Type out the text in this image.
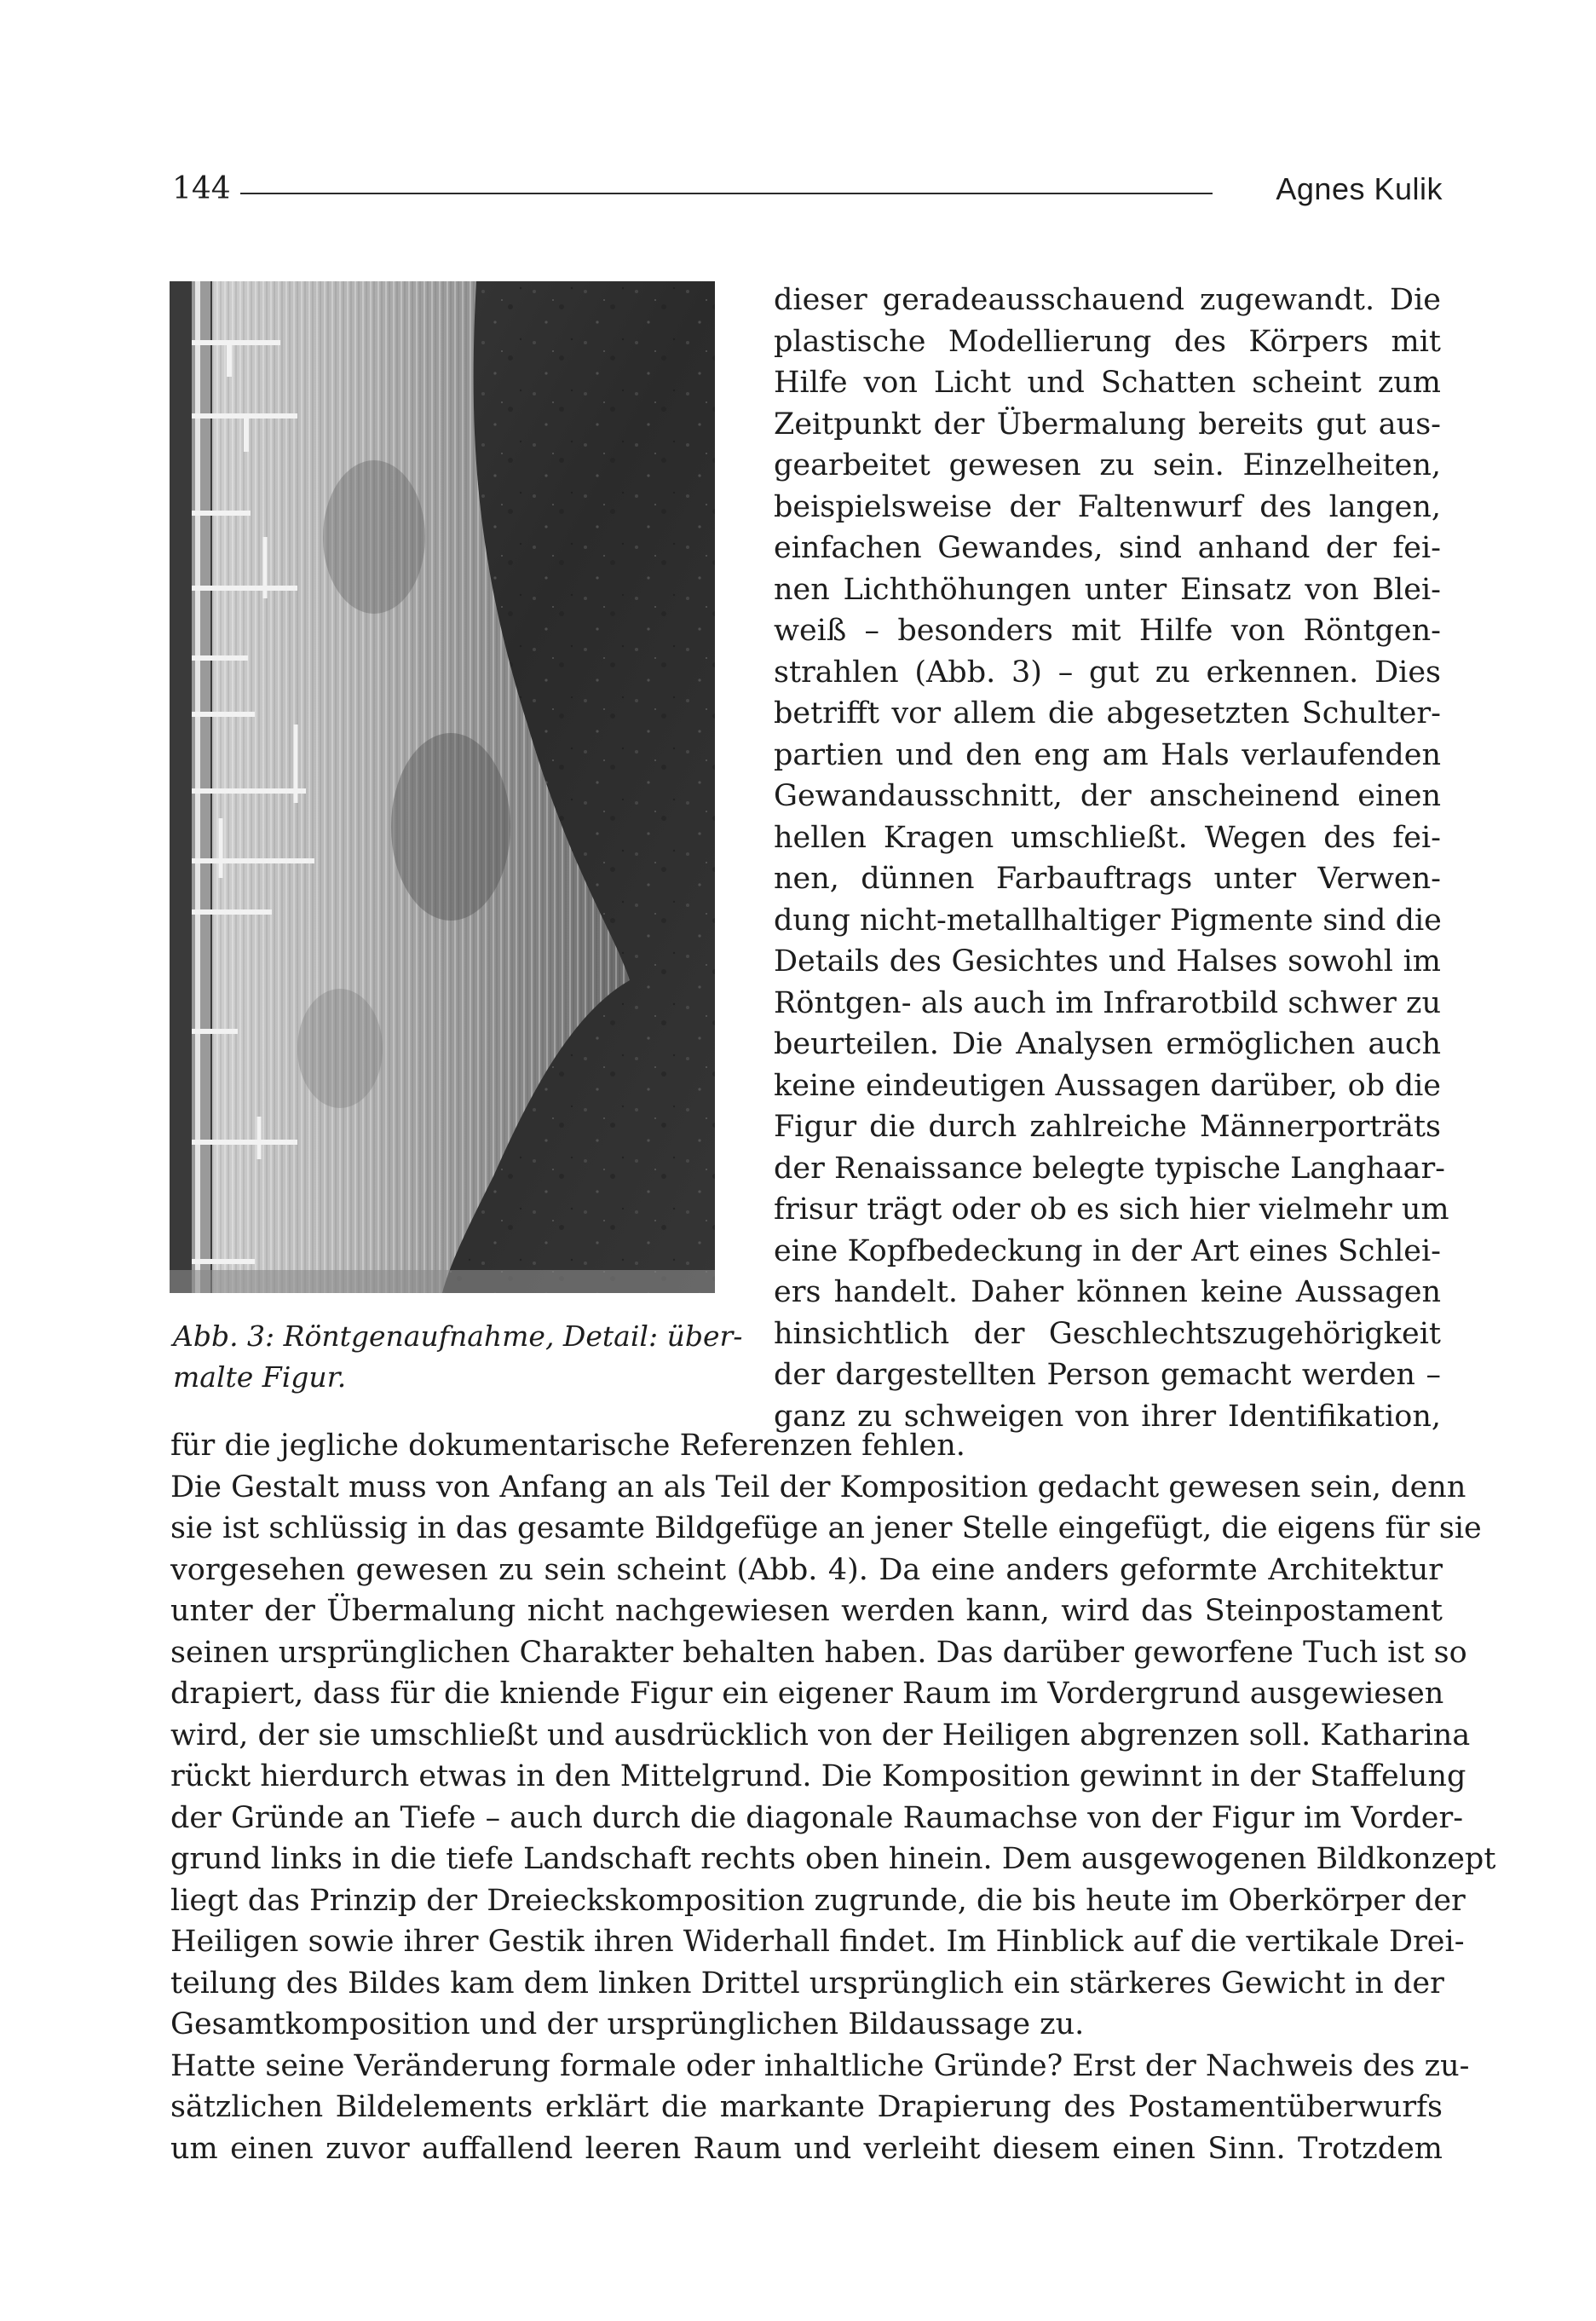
144	Agnes Kulik
Abb. 3: Röntgenaufnahme, Detail: über-
malte Figur.
dieser geradeausschauend zugewandt. Die
plastische Modellierung des Körpers mit
Hilfe von Licht und Schatten scheint zum
Zeitpunkt der Übermalung bereits gut aus-
gearbeitet gewesen zu sein. Einzelheiten,
beispielsweise der Faltenwurf des langen,
einfachen Gewandes, sind anhand der fei-
nen Lichthöhungen unter Einsatz von Blei-
weiß – besonders mit Hilfe von Röntgen-
strahlen (Abb. 3) – gut zu erkennen. Dies
betrifft vor allem die abgesetzten Schulter-
partien und den eng am Hals verlaufenden
Gewandausschnitt, der anscheinend einen
hellen Kragen umschließt. Wegen des fei-
nen, dünnen Farbauftrags unter Verwen-
dung nicht-metallhaltiger Pigmente sind die
Details des Gesichtes und Halses sowohl im
Röntgen- als auch im Infrarotbild schwer zu
beurteilen. Die Analysen ermöglichen auch
keine eindeutigen Aussagen darüber, ob die
Figur die durch zahlreiche Männerporträts
der Renaissance belegte typische Langhaar-
frisur trägt oder ob es sich hier vielmehr um
eine Kopfbedeckung in der Art eines Schlei-
ers handelt. Daher können keine Aussagen
hinsichtlich der Geschlechtszugehörigkeit
der dargestellten Person gemacht werden –
ganz zu schweigen von ihrer Identifikation,
für die jegliche dokumentarische Referenzen fehlen.
Die Gestalt muss von Anfang an als Teil der Komposition gedacht gewesen sein, denn
sie ist schlüssig in das gesamte Bildgefüge an jener Stelle eingefügt, die eigens für sie
vorgesehen gewesen zu sein scheint (Abb. 4). Da eine anders geformte Architektur
unter der Übermalung nicht nachgewiesen werden kann, wird das Steinpostament
seinen ursprünglichen Charakter behalten haben. Das darüber geworfene Tuch ist so
drapiert, dass für die kniende Figur ein eigener Raum im Vordergrund ausgewiesen
wird, der sie umschließt und ausdrücklich von der Heiligen abgrenzen soll. Katharina
rückt hierdurch etwas in den Mittelgrund. Die Komposition gewinnt in der Staffelung
der Gründe an Tiefe – auch durch die diagonale Raumachse von der Figur im Vorder-
grund links in die tiefe Landschaft rechts oben hinein. Dem ausgewogenen Bildkonzept
liegt das Prinzip der Dreieckskomposition zugrunde, die bis heute im Oberkörper der
Heiligen sowie ihrer Gestik ihren Widerhall findet. Im Hinblick auf die vertikale Drei-
teilung des Bildes kam dem linken Drittel ursprünglich ein stärkeres Gewicht in der
Gesamtkomposition und der ursprünglichen Bildaussage zu.
Hatte seine Veränderung formale oder inhaltliche Gründe? Erst der Nachweis des zu-
sätzlichen Bildelements erklärt die markante Drapierung des Postamentüberwurfs
um einen zuvor auffallend leeren Raum und verleiht diesem einen Sinn. Trotzdem
